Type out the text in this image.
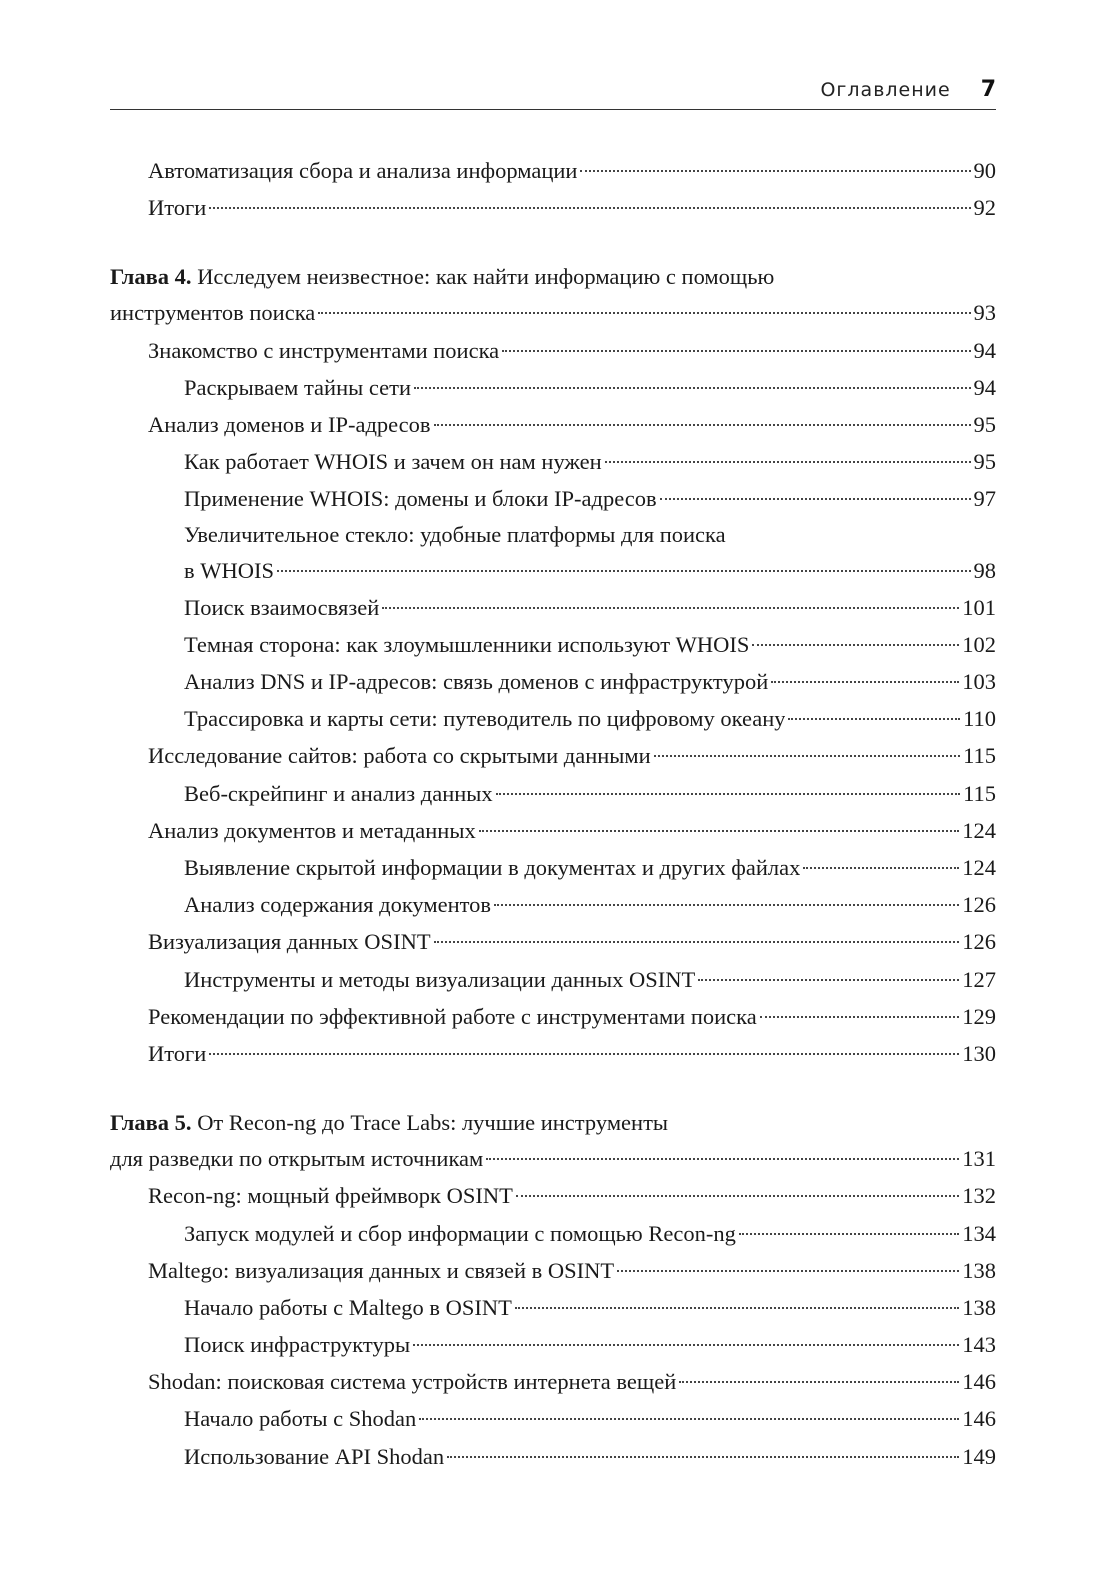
Оглавление 7
Автоматизация сбора и анализа информации	90
Итоги	92
Глава 4. Исследуем неизвестное: как найти информацию с помощью
инструментов поиска	93
Знакомство с инструментами поиска	94
Раскрываем тайны сети	94
Анализ доменов и IP-адресов	95
Как работает WHOIS и зачем он нам нужен	95
Применение WHOIS: домены и блоки IP-адресов	97
Увеличительное стекло: удобные платформы для поиска
в WHOIS	98
Поиск взаимосвязей	101
Темная сторона: как злоумышленники используют WHOIS	102
Анализ DNS и IP-адресов: связь доменов с инфраструктурой	103
Трассировка и карты сети: путеводитель по цифровому океану	110
Исследование сайтов: работа со скрытыми данными	115
Веб-скрейпинг и анализ данных	115
Анализ документов и метаданных	124
Выявление скрытой информации в документах и других файлах	124
Анализ содержания документов	126
Визуализация данных OSINT	126
Инструменты и методы визуализации данных OSINT	127
Рекомендации по эффективной работе с инструментами поиска	129
Итоги	130
Глава 5. От Recon-ng до Trace Labs: лучшие инструменты
для разведки по открытым источникам	131
Recon-ng: мощный фреймворк OSINT	132
Запуск модулей и сбор информации с помощью Recon-ng	134
Maltego: визуализация данных и связей в OSINT	138
Начало работы с Maltego в OSINT	138
Поиск инфраструктуры	143
Shodan: поисковая система устройств интернета вещей	146
Начало работы с Shodan	146
Использование API Shodan	149
